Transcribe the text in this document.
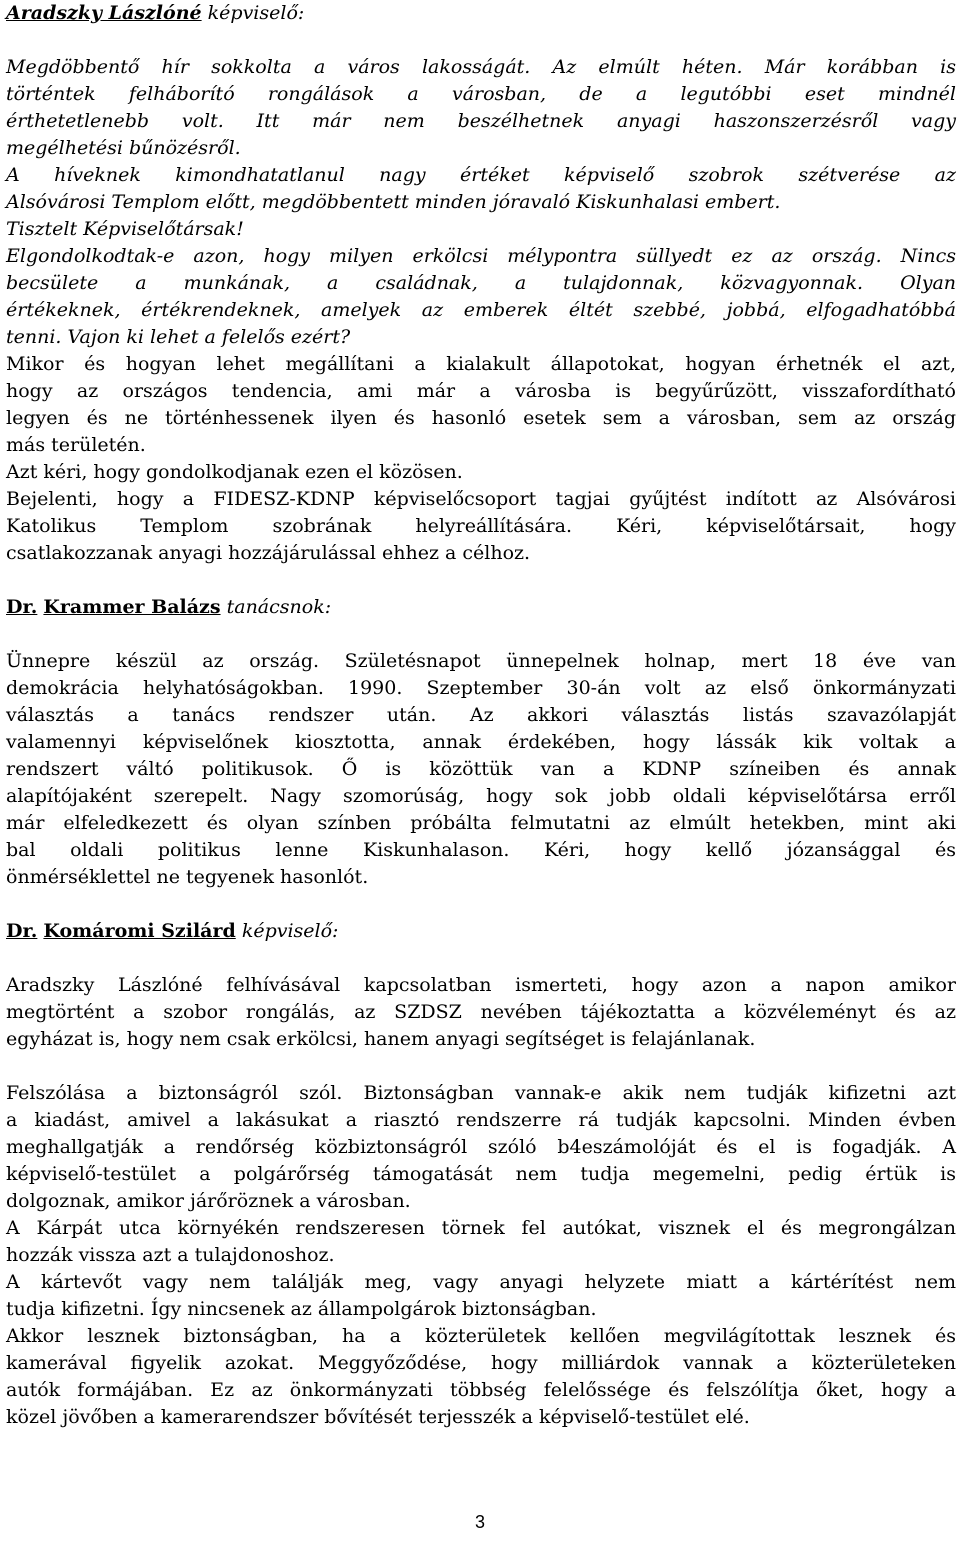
Aradszky Lászlóné képviselő:
Megdöbbentő hír sokkolta a város lakosságát. Az elmúlt héten. Már korábban is
történtek felháborító rongálások a városban, de a legutóbbi eset mindnél
érthetetlenebb volt. Itt már nem beszélhetnek anyagi haszonszerzésről vagy
megélhetési bűnözésről.
A híveknek kimondhatatlanul nagy értéket képviselő szobrok szétverése az
Alsóvárosi Templom előtt, megdöbbentett minden jóravaló Kiskunhalasi embert.
Tisztelt Képviselőtársak!
Elgondolkodtak-e azon, hogy milyen erkölcsi mélypontra süllyedt ez az ország. Nincs
becsülete a munkának, a családnak, a tulajdonnak, közvagyonnak. Olyan
értékeknek, értékrendeknek, amelyek az emberek éltét szebbé, jobbá, elfogadhatóbbá
tenni. Vajon ki lehet a felelős ezért?
Mikor és hogyan lehet megállítani a kialakult állapotokat, hogyan érhetnék el azt,
hogy az országos tendencia, ami már a városba is begyűrűzött, visszafordítható
legyen és ne történhessenek ilyen és hasonló esetek sem a városban, sem az ország
más területén.
Azt kéri, hogy gondolkodjanak ezen el közösen.
Bejelenti, hogy a FIDESZ-KDNP képviselőcsoport tagjai gyűjtést indított az Alsóvárosi
Katolikus Templom szobrának helyreállítására. Kéri, képviselőtársait, hogy
csatlakozzanak anyagi hozzájárulással ehhez a célhoz.
Dr. Krammer Balázs tanácsnok:
Ünnepre készül az ország. Születésnapot ünnepelnek holnap, mert 18 éve van
demokrácia helyhatóságokban. 1990. Szeptember 30-án volt az első önkormányzati
választás a tanács rendszer után. Az akkori választás listás szavazólapját
valamennyi képviselőnek kiosztotta, annak érdekében, hogy lássák kik voltak a
rendszert váltó politikusok. Ő is közöttük van a KDNP színeiben és annak
alapítójaként szerepelt. Nagy szomorúság, hogy sok jobb oldali képviselőtársa erről
már elfeledkezett és olyan színben próbálta felmutatni az elmúlt hetekben, mint aki
bal oldali politikus lenne Kiskunhalason. Kéri, hogy kellő józansággal és
önmérséklettel ne tegyenek hasonlót.
Dr. Komáromi Szilárd képviselő:
Aradszky Lászlóné felhívásával kapcsolatban ismerteti, hogy azon a napon amikor
megtörtént a szobor rongálás, az SZDSZ nevében tájékoztatta a közvéleményt és az
egyházat is, hogy nem csak erkölcsi, hanem anyagi segítséget is felajánlanak.
Felszólása a biztonságról szól. Biztonságban vannak-e akik nem tudják kifizetni azt
a kiadást, amivel a lakásukat a riasztó rendszerre rá tudják kapcsolni. Minden évben
meghallgatják a rendőrség közbiztonságról szóló b4eszámolóját és el is fogadják. A
képviselő-testület a polgárőrség támogatását nem tudja megemelni, pedig értük is
dolgoznak, amikor járőröznek a városban.
A Kárpát utca környékén rendszeresen törnek fel autókat, visznek el és megrongálzan
hozzák vissza azt a tulajdonoshoz.
A kártevőt vagy nem találják meg, vagy anyagi helyzete miatt a kártérítést nem
tudja kifizetni. Így nincsenek az állampolgárok biztonságban.
Akkor lesznek biztonságban, ha a közterületek kellően megvilágítottak lesznek és
kamerával figyelik azokat. Meggyőződése, hogy milliárdok vannak a közterületeken
autók formájában. Ez az önkormányzati többség felelőssége és felszólítja őket, hogy a
közel jövőben a kamerarendszer bővítését terjesszék a képviselő-testület elé.
3
